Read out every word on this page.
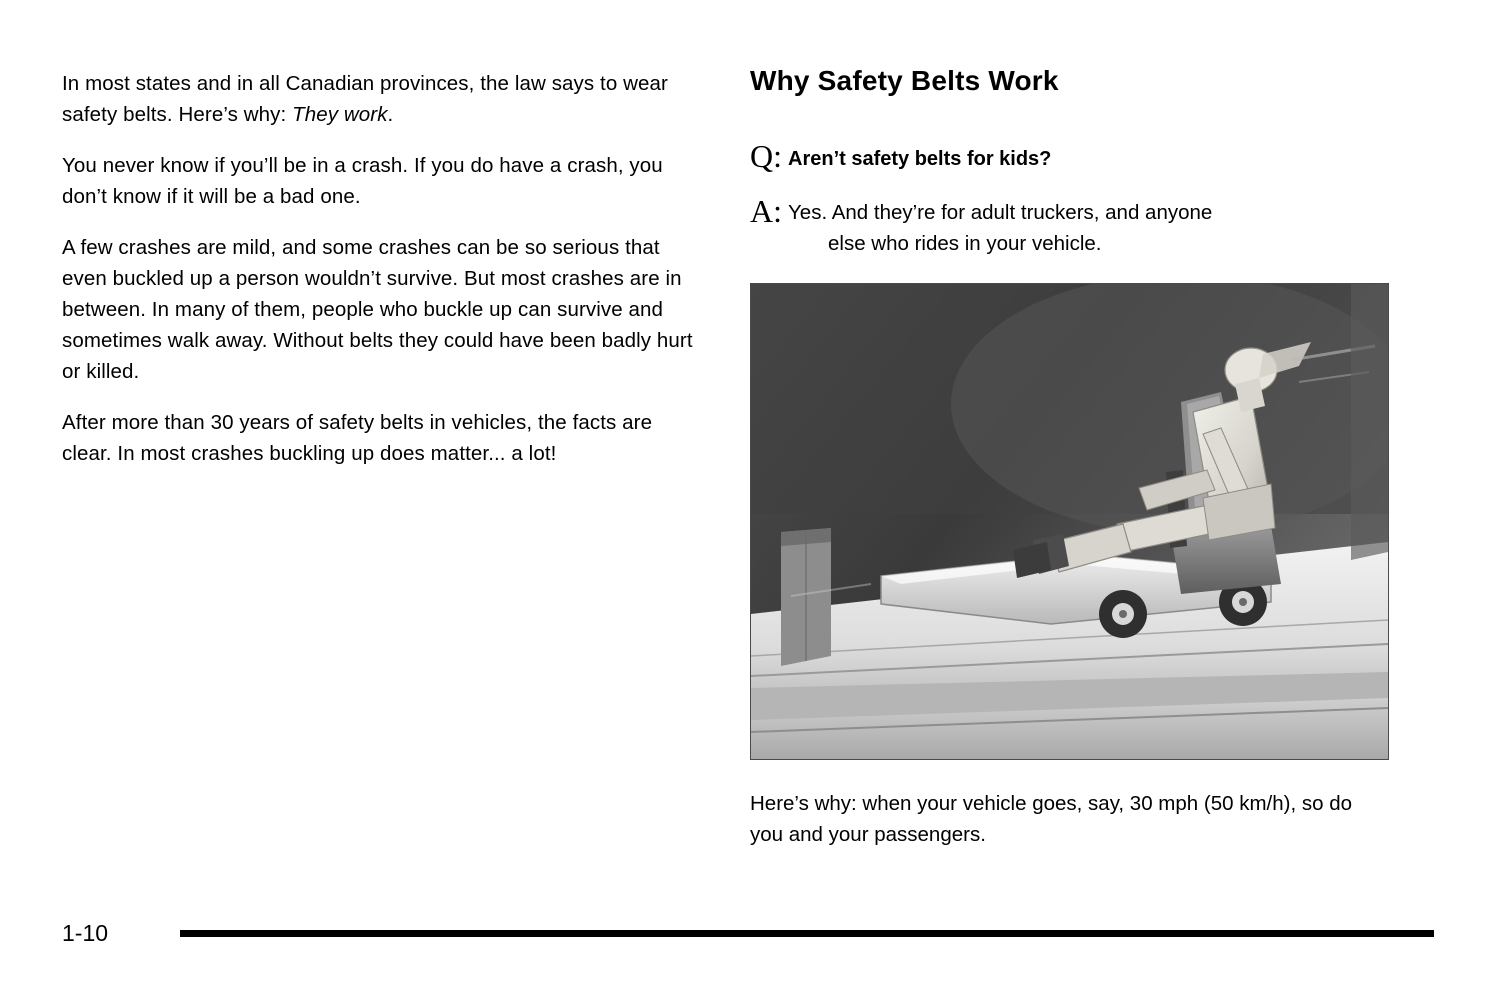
In most states and in all Canadian provinces, the law says to wear safety belts. Here’s why: They work.

You never know if you’ll be in a crash. If you do have a crash, you don’t know if it will be a bad one.

A few crashes are mild, and some crashes can be so serious that even buckled up a person wouldn’t survive. But most crashes are in between. In many of them, people who buckle up can survive and sometimes walk away. Without belts they could have been badly hurt or killed.

After more than 30 years of safety belts in vehicles, the facts are clear. In most crashes buckling up does matter... a lot!

Why Safety Belts Work
Q: Aren’t safety belts for kids?
A: Yes. And they’re for adult truckers, and anyone
else who rides in your vehicle.

Here’s why: when your vehicle goes, say, 30 mph (50 km/h), so do you and your passengers.

1-10
